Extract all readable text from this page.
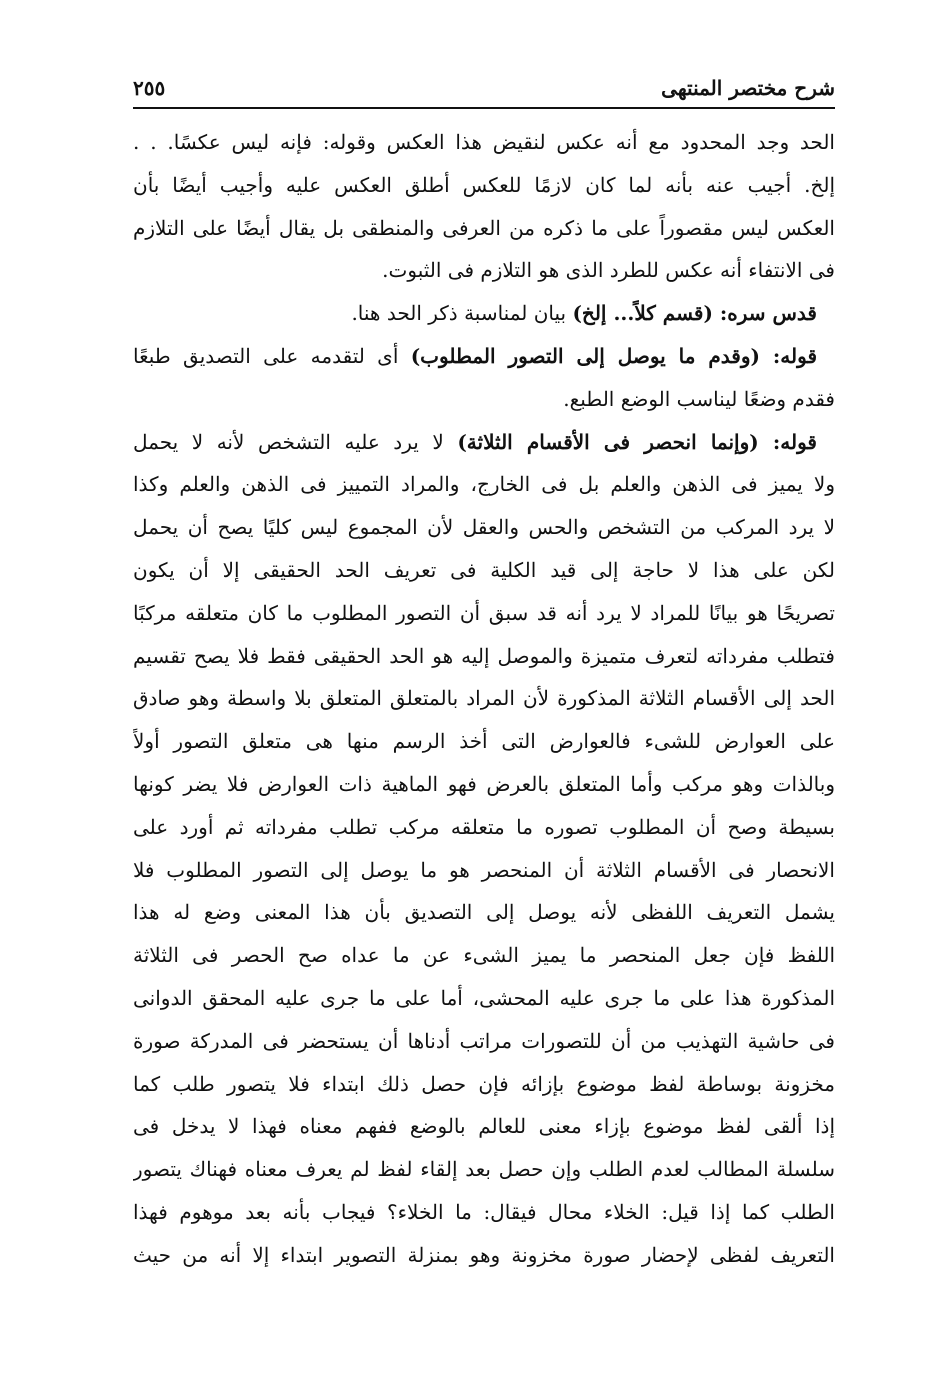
شرح مختصر المنتهى
٢٥٥
الحد وجد المحدود مع أنه عكس لنقيض هذا العكس وقوله: فإنه ليس عكسًا. . .
إلخ. أجيب عنه بأنه لما كان لازمًا للعكس أطلق العكس عليه وأجيب أيضًا بأن
العكس ليس مقصوراً على ما ذكره من العرفى والمنطقى بل يقال أيضًا على التلازم
فى الانتفاء أنه عكس للطرد الذى هو التلازم فى الثبوت.
قدس سره: (قسم كلاً... إلخ) بيان لمناسبة ذكر الحد هنا.
قوله: (وقدم ما يوصل إلى التصور المطلوب) أى لتقدمه على التصديق طبعًا
فقدم وضعًا ليناسب الوضع الطبع.
قوله: (وإنما انحصر فى الأقسام الثلاثة) لا يرد عليه التشخص لأنه لا يحمل
ولا يميز فى الذهن والعلم بل فى الخارج، والمراد التمييز فى الذهن والعلم وكذا
لا يرد المركب من التشخص والحس والعقل لأن المجموع ليس كليًا يصح أن يحمل
لكن على هذا لا حاجة إلى قيد الكلية فى تعريف الحد الحقيقى إلا أن يكون
تصريحًا هو بيانًا للمراد لا يرد أنه قد سبق أن التصور المطلوب ما كان متعلقه مركبًا
فتطلب مفرداته لتعرف متميزة والموصل إليه هو الحد الحقيقى فقط فلا يصح تقسيم
الحد إلى الأقسام الثلاثة المذكورة لأن المراد بالمتعلق المتعلق بلا واسطة وهو صادق
على العوارض للشىء فالعوارض التى أخذ الرسم منها هى متعلق التصور أولاً
وبالذات وهو مركب وأما المتعلق بالعرض فهو الماهية ذات العوارض فلا يضر كونها
بسيطة وصح أن المطلوب تصوره ما متعلقه مركب تطلب مفرداته ثم أورد على
الانحصار فى الأقسام الثلاثة أن المنحصر هو ما يوصل إلى التصور المطلوب فلا
يشمل التعريف اللفظى لأنه يوصل إلى التصديق بأن هذا المعنى وضع له هذا
اللفظ فإن جعل المنحصر ما يميز الشىء عن ما عداه صح الحصر فى الثلاثة
المذكورة هذا على ما جرى عليه المحشى، أما على ما جرى عليه المحقق الدوانى
فى حاشية التهذيب من أن للتصورات مراتب أدناها أن يستحضر فى المدركة صورة
مخزونة بوساطة لفظ موضوع بإزائه فإن حصل ذلك ابتداء فلا يتصور طلب كما
إذا ألقى لفظ موضوع بإزاء معنى للعالم بالوضع ففهم معناه فهذا لا يدخل فى
سلسلة المطالب لعدم الطلب وإن حصل بعد إلقاء لفظ لم يعرف معناه فهناك يتصور
الطلب كما إذا قيل: الخلاء محال فيقال: ما الخلاء؟ فيجاب بأنه بعد موهوم فهذا
التعريف لفظى لإحضار صورة مخزونة وهو بمنزلة التصوير ابتداء إلا أنه من حيث
